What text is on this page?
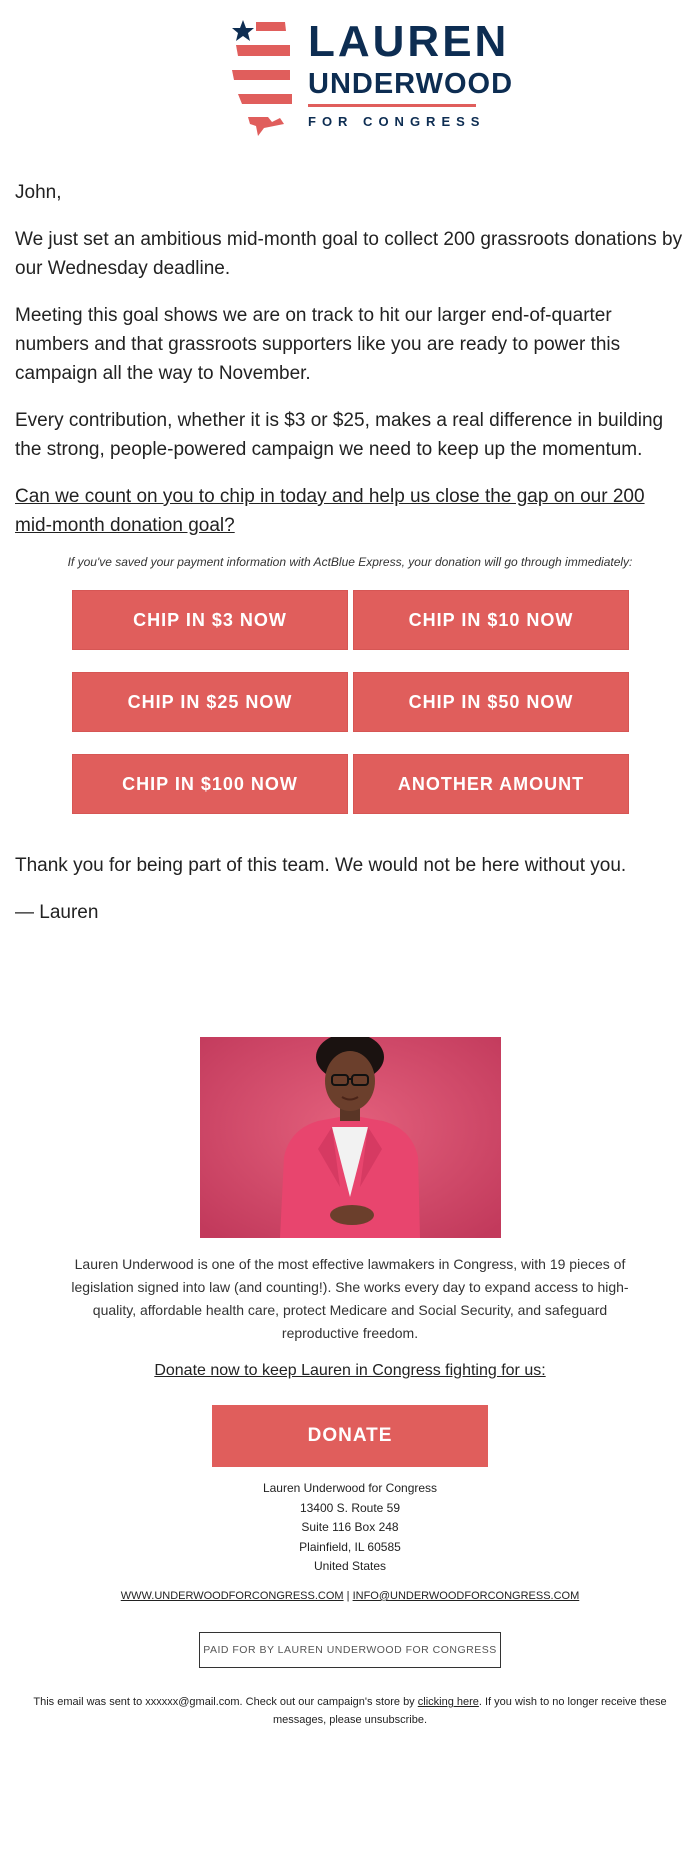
LAUREN
UNDERWOOD
FOR CONGRESS

John,

We just set an ambitious mid-month goal to collect 200 grassroots donations by our Wednesday deadline.

Meeting this goal shows we are on track to hit our larger end-of-quarter numbers and that grassroots supporters like you are ready to power this campaign all the way to November.

Every contribution, whether it is $3 or $25, makes a real difference in building the strong, people-powered campaign we need to keep up the momentum.

Can we count on you to chip in today and help us close the gap on our 200 mid-month donation goal?

If you've saved your payment information with ActBlue Express, your donation will go through immediately:
CHIP IN $3 NOW	CHIP IN $10 NOW
CHIP IN $25 NOW	CHIP IN $50 NOW
CHIP IN $100 NOW	ANOTHER AMOUNT

Thank you for being part of this team. We would not be here without you.

— Lauren

Lauren Underwood is one of the most effective lawmakers in Congress, with 19 pieces of legislation signed into law (and counting!). She works every day to expand access to high-quality, affordable health care, protect Medicare and Social Security, and safeguard reproductive freedom.

Donate now to keep Lauren in Congress fighting for us:
DONATE
Lauren Underwood for Congress
13400 S. Route 59
Suite 116 Box 248
Plainfield, IL 60585
United States
WWW.UNDERWOODFORCONGRESS.COM | INFO@UNDERWOODFORCONGRESS.COM
PAID FOR BY LAUREN UNDERWOOD FOR CONGRESS
This email was sent to xxxxxx@gmail.com. Check out our campaign's store by clicking here. If you wish to no longer receive these messages, please unsubscribe.
